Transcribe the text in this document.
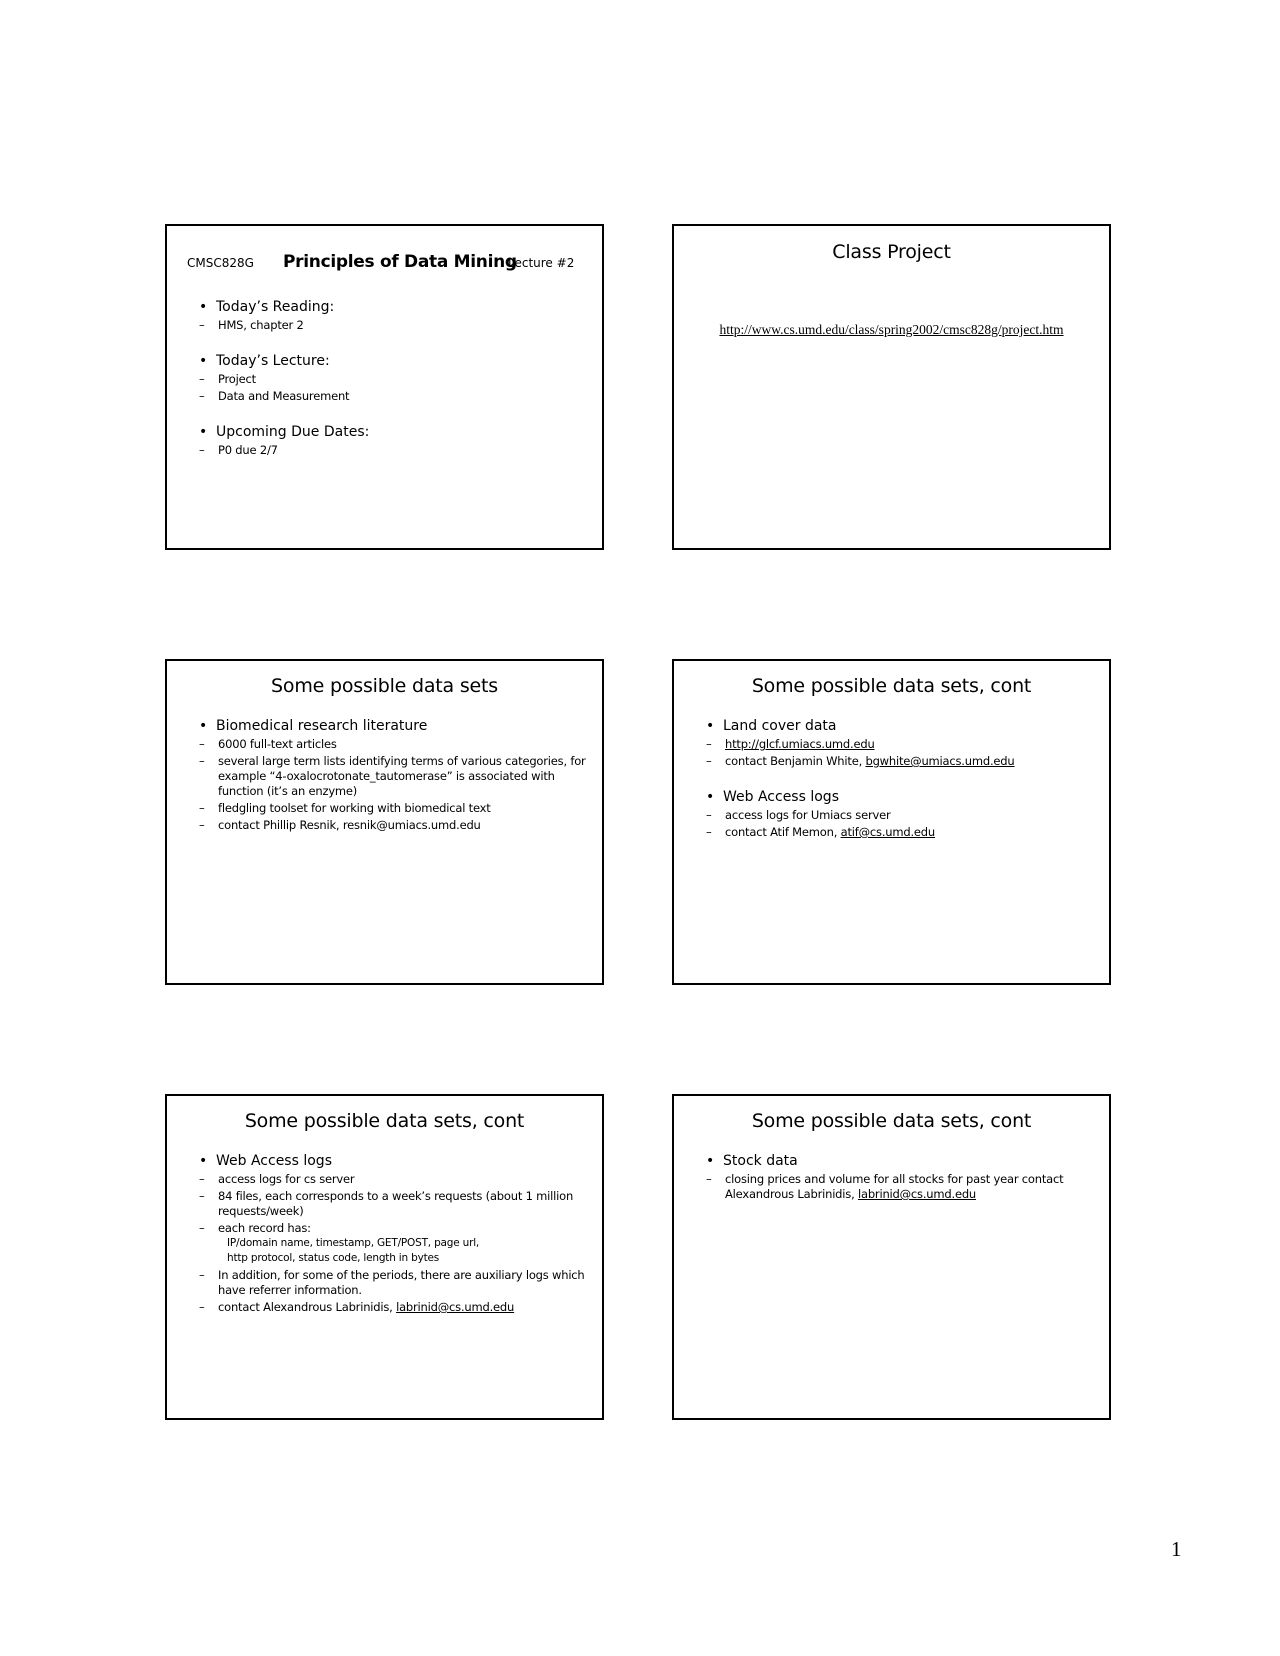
CMSC828G Principles of Data Mining
Lecture #2
• Today’s Reading:
– HMS, chapter 2
• Today’s Lecture:
– Project
– Data and Measurement
• Upcoming Due Dates:
– P0 due 2/7
Class Project
http://www.cs.umd.edu/class/spring2002/cmsc828g/project.htm
Some possible data sets
• Biomedical research literature
– 6000 full-text articles
– several large term lists identifying terms of various categories, for example “4-oxalocrotonate_tautomerase” is associated with function (it’s an enzyme)
– fledgling toolset for working with biomedical text
– contact Phillip Resnik, resnik@umiacs.umd.edu
Some possible data sets, cont
• Land cover data
– http://glcf.umiacs.umd.edu
– contact Benjamin White, bgwhite@umiacs.umd.edu
• Web Access logs
– access logs for Umiacs server
– contact Atif Memon, atif@cs.umd.edu
Some possible data sets, cont
• Web Access logs
– access logs for cs server
– 84 files, each corresponds to a week’s requests (about 1 million requests/week)
– each record has:
IP/domain name, timestamp, GET/POST, page url,
http protocol, status code, length in bytes
– In addition, for some of the periods, there are auxiliary logs which have referrer information.
– contact Alexandrous Labrinidis, labrinid@cs.umd.edu
Some possible data sets, cont
• Stock data
– closing prices and volume for all stocks for past year contact Alexandrous Labrinidis, labrinid@cs.umd.edu
1
